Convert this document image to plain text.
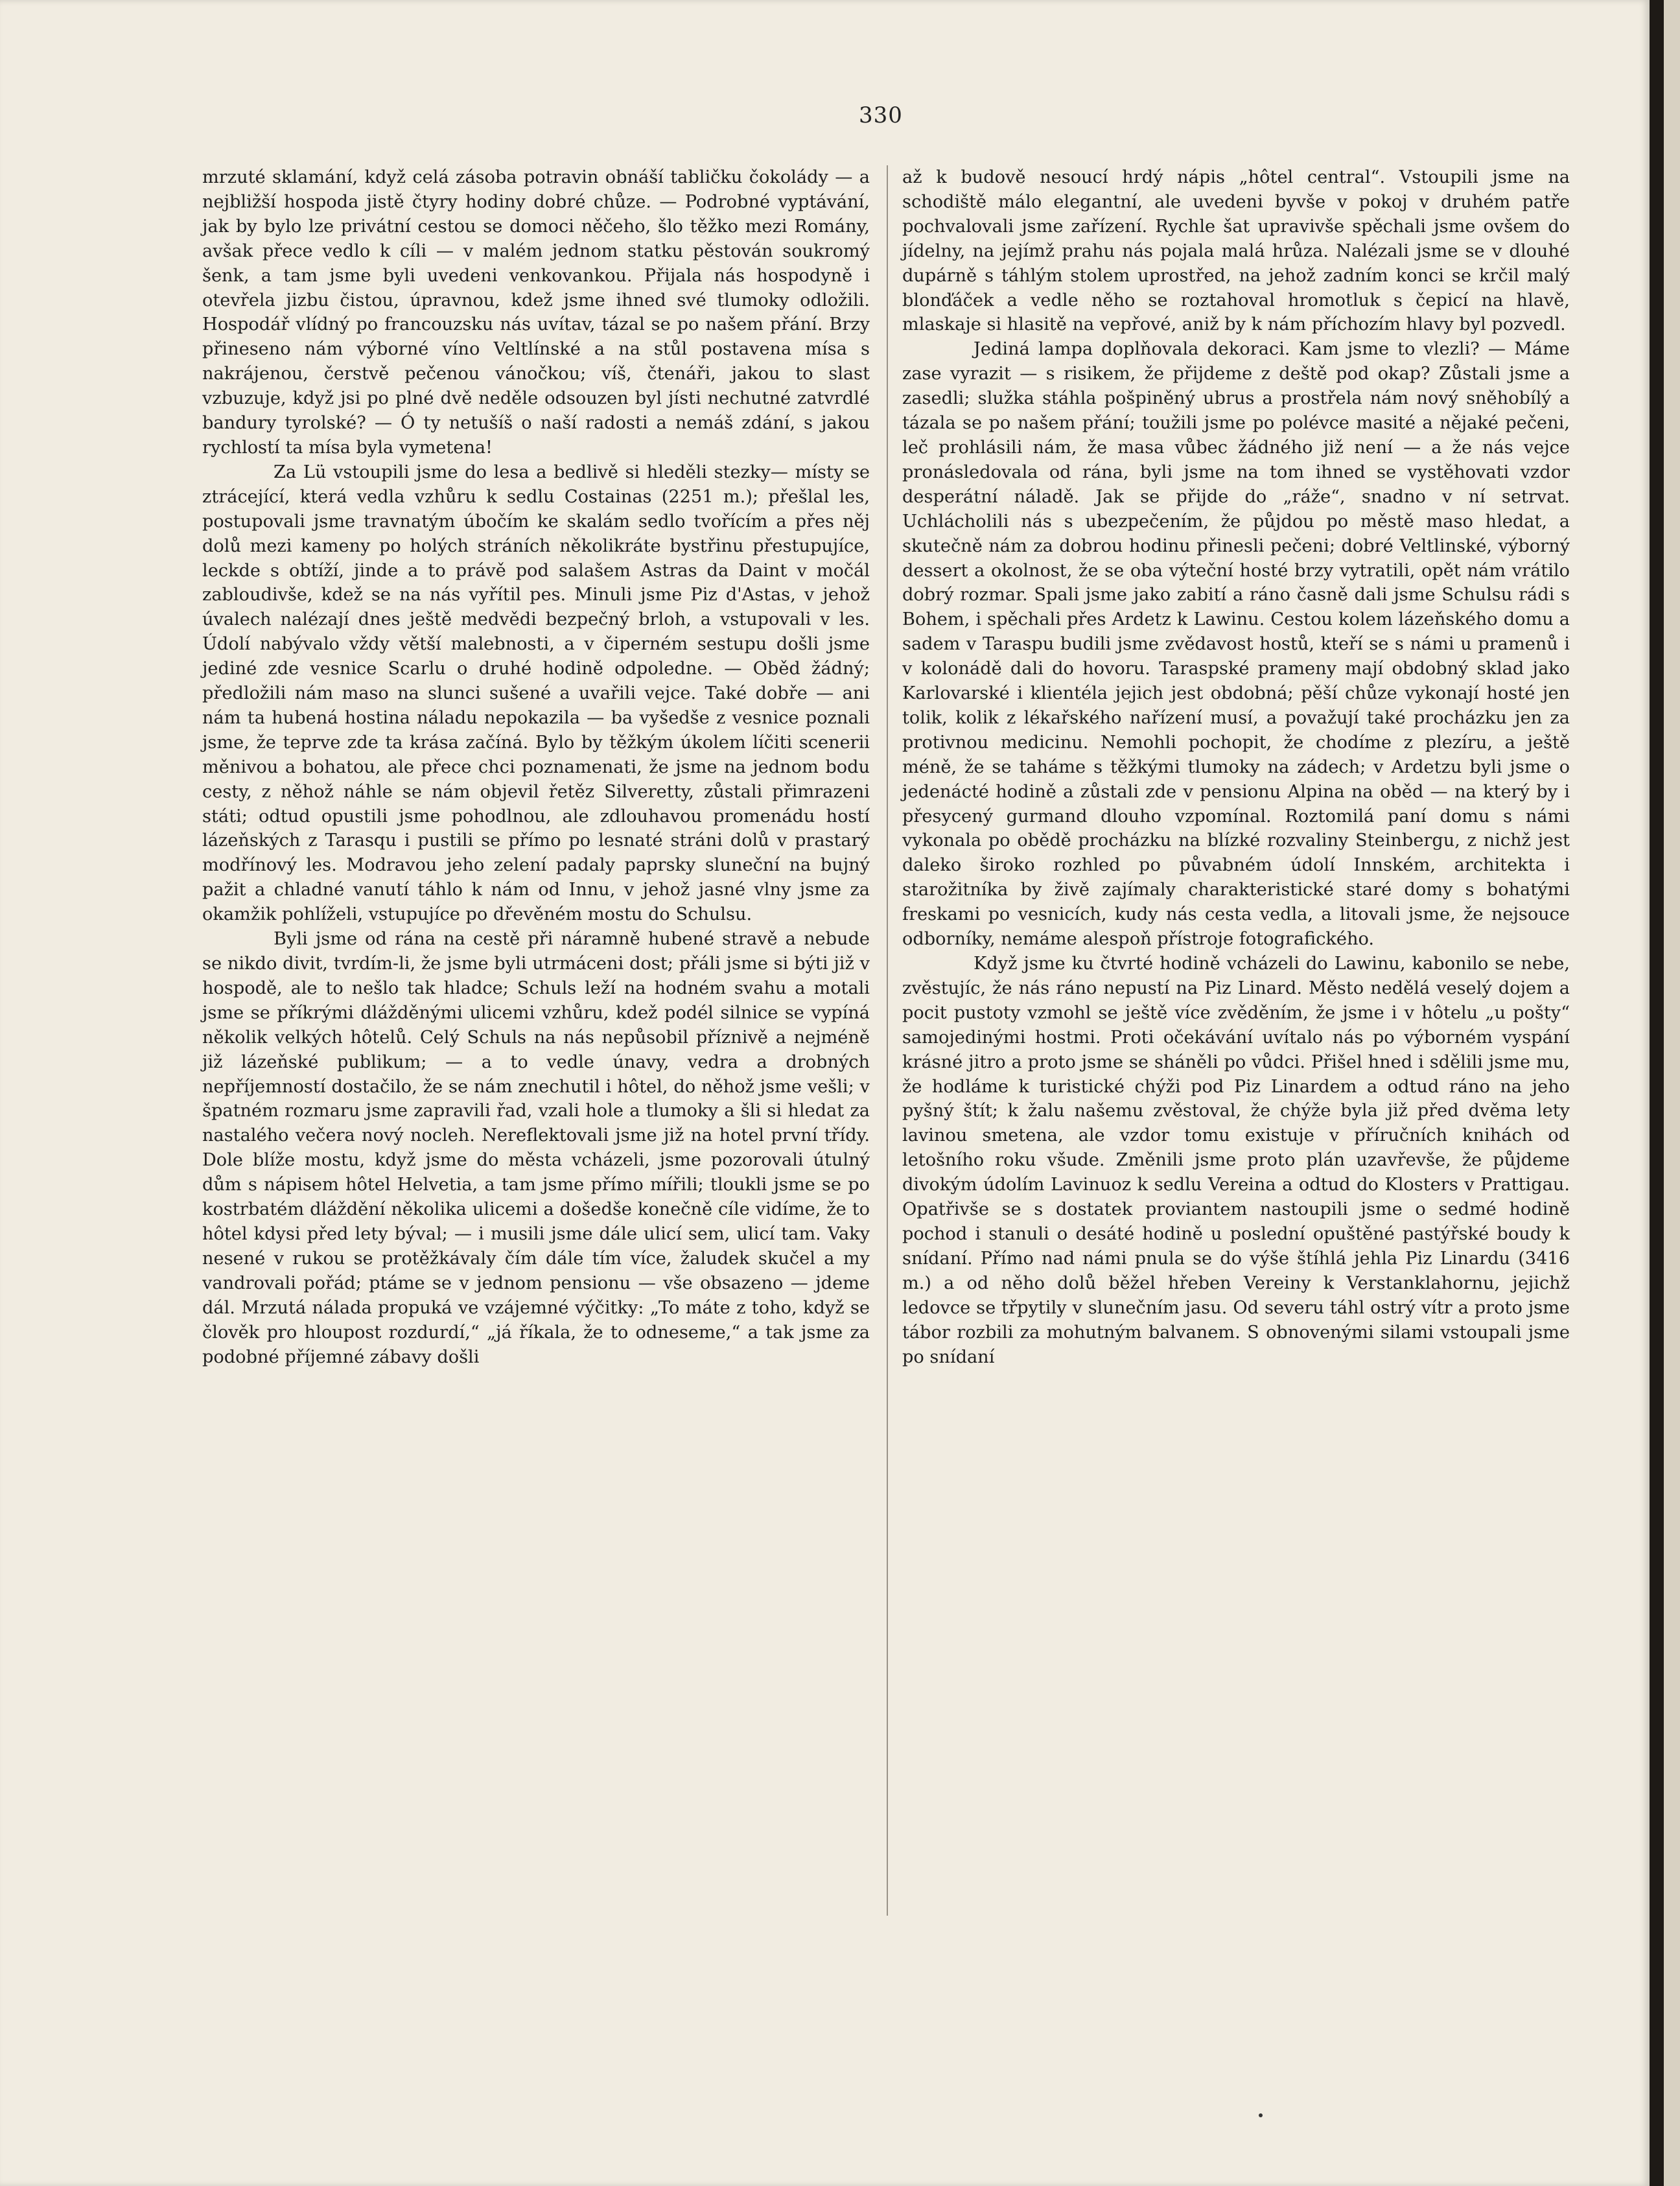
330

mrzuté sklamání, když celá zásoba potravin obnáší tabličku čokolády — a nejbližší hospoda jistě čtyry hodiny dobré chůze. — Podrobné vyptávání, jak by bylo lze privátní cestou se domoci něčeho, šlo těžko mezi Romány, avšak přece vedlo k cíli — v malém jednom statku pěstován soukromý šenk, a tam jsme byli uvedeni venkovankou. Přijala nás hospodyně i otevřela jizbu čistou, úpravnou, kdež jsme ihned své tlumoky odložili. Hospodář vlídný po francouzsku nás uvítav, tázal se po našem přání. Brzy přineseno nám výborné víno Veltlínské a na stůl postavena mísa s nakrájenou, čerstvě pečenou vánočkou; víš, čtenáři, jakou to slast vzbuzuje, když jsi po plné dvě neděle odsouzen byl jísti nechutné zatvrdlé bandury tyrolské? — Ó ty netušíš o naší radosti a nemáš zdání, s jakou rychlostí ta mísa byla vymetena!

Za Lü vstoupili jsme do lesa a bedlivě si hleděli stezky— místy se ztrácející, která vedla vzhůru k sedlu Costainas (2251 m.); přešlal les, postupovali jsme travnatým úbočím ke skalám sedlo tvořícím a přes něj dolů mezi kameny po holých stráních několikráte bystřinu přestupujíce, leckde s obtíží, jinde a to právě pod salašem Astras da Daint v močál zabloudivše, kdež se na nás vyřítil pes. Minuli jsme Piz d'Astas, v jehož úvalech nalézají dnes ještě medvědi bezpečný brloh, a vstupovali v les. Údolí nabývalo vždy větší malebnosti, a v čiperném sestupu došli jsme jediné zde vesnice Scarlu o druhé hodině odpoledne. — Oběd žádný; předložili nám maso na slunci sušené a uvařili vejce. Také dobře — ani nám ta hubená hostina náladu nepokazila — ba vyšedše z vesnice poznali jsme, že teprve zde ta krása začíná. Bylo by těžkým úkolem líčiti scenerii měnivou a bohatou, ale přece chci poznamenati, že jsme na jednom bodu cesty, z něhož náhle se nám objevil řetěz Silveretty, zůstali přimrazeni státi; odtud opustili jsme pohodlnou, ale zdlouhavou promenádu hostí lázeňských z Tarasqu i pustili se přímo po lesnaté stráni dolů v prastarý modřínový les. Modravou jeho zelení padaly paprsky sluneční na bujný pažit a chladné vanutí táhlo k nám od Innu, v jehož jasné vlny jsme za okamžik pohlíželi, vstupujíce po dřevěném mostu do Schulsu.

Byli jsme od rána na cestě při náramně hubené stravě a nebude se nikdo divit, tvrdím-li, že jsme byli utrmáceni dost; přáli jsme si býti již v hospodě, ale to nešlo tak hladce; Schuls leží na hodném svahu a motali jsme se příkrými dlážděnými ulicemi vzhůru, kdež podél silnice se vypíná několik velkých hôtelů. Celý Schuls na nás nepůsobil příznivě a nejméně již lázeňské publikum; — a to vedle únavy, vedra a drobných nepříjemností dostačilo, že se nám znechutil i hôtel, do něhož jsme vešli; v špatném rozmaru jsme zapravili řad, vzali hole a tlumoky a šli si hledat za nastalého večera nový nocleh. Nereflektovali jsme již na hotel první třídy. Dole blíže mostu, když jsme do města vcházeli, jsme pozorovali útulný dům s nápisem hôtel Helvetia, a tam jsme přímo mířili; tloukli jsme se po kostrbatém dláždění několika ulicemi a došedše konečně cíle vidíme, že to hôtel kdysi před lety býval; — i musili jsme dále ulicí sem, ulicí tam. Vaky nesené v rukou se protěžkávaly čím dále tím více, žaludek skučel a my vandrovali pořád; ptáme se v jednom pensionu — vše obsazeno — jdeme dál. Mrzutá nálada propuká ve vzájemné výčitky: „To máte z toho, když se člověk pro hloupost rozdurdí,“ „já říkala, že to odneseme,“ a tak jsme za podobné příjemné zábavy došli

až k budově nesoucí hrdý nápis „hôtel central“. Vstoupili jsme na schodiště málo elegantní, ale uvedeni byvše v pokoj v druhém patře pochvalovali jsme zařízení. Rychle šat upravivše spěchali jsme ovšem do jídelny, na jejímž prahu nás pojala malá hrůza. Nalézali jsme se v dlouhé dupárně s táhlým stolem uprostřed, na jehož zadním konci se krčil malý blonďáček a vedle něho se roztahoval hromotluk s čepicí na hlavě, mlaskaje si hlasitě na vepřové, aniž by k nám příchozím hlavy byl pozvedl.

Jediná lampa doplňovala dekoraci. Kam jsme to vlezli? — Máme zase vyrazit — s risikem, že přijdeme z deště pod okap? Zůstali jsme a zasedli; služka stáhla pošpiněný ubrus a prostřela nám nový sněhobílý a tázala se po našem přání; toužili jsme po polévce masité a nějaké pečeni, leč prohlásili nám, že masa vůbec žádného již není — a že nás vejce pronásledovala od rána, byli jsme na tom ihned se vystěhovati vzdor desperátní náladě. Jak se přijde do „ráže“, snadno v ní setrvat. Uchlácholili nás s ubezpečením, že půjdou po městě maso hledat, a skutečně nám za dobrou hodinu přinesli pečeni; dobré Veltlinské, výborný dessert a okolnost, že se oba výteční hosté brzy vytratili, opět nám vrátilo dobrý rozmar. Spali jsme jako zabití a ráno časně dali jsme Schulsu rádi s Bohem, i spěchali přes Ardetz k Lawinu. Cestou kolem lázeňského domu a sadem v Taraspu budili jsme zvědavost hostů, kteří se s námi u pramenů i v kolonádě dali do hovoru. Taraspské prameny mají obdobný sklad jako Karlovarské i klientéla jejich jest obdobná; pěší chůze vykonají hosté jen tolik, kolik z lékařského nařízení musí, a považují také procházku jen za protivnou medicinu. Nemohli pochopit, že chodíme z plezíru, a ještě méně, že se taháme s těžkými tlumoky na zádech; v Ardetzu byli jsme o jedenácté hodině a zůstali zde v pensionu Alpina na oběd — na který by i přesycený gurmand dlouho vzpomínal. Roztomilá paní domu s námi vykonala po obědě procházku na blízké rozvaliny Steinbergu, z nichž jest daleko široko rozhled po půvabném údolí Innském, architekta i starožitníka by živě zajímaly charakteristické staré domy s bohatými freskami po vesnicích, kudy nás cesta vedla, a litovali jsme, že nejsouce odborníky, nemáme alespoň přístroje fotografického.

Když jsme ku čtvrté hodině vcházeli do Lawinu, kabonilo se nebe, zvěstujíc, že nás ráno nepustí na Piz Linard. Město nedělá veselý dojem a pocit pustoty vzmohl se ještě více zvěděním, že jsme i v hôtelu „u pošty“ samojedinými hostmi. Proti očekávání uvítalo nás po výborném vyspání krásné jitro a proto jsme se sháněli po vůdci. Přišel hned i sdělili jsme mu, že hodláme k turistické chýži pod Piz Linardem a odtud ráno na jeho pyšný štít; k žalu našemu zvěstoval, že chýže byla již před dvěma lety lavinou smetena, ale vzdor tomu existuje v příručních knihách od letošního roku všude. Změnili jsme proto plán uzavřevše, že půjdeme divokým údolím Lavinuoz k sedlu Vereina a odtud do Klosters v Prattigau. Opatřivše se s dostatek proviantem nastoupili jsme o sedmé hodině pochod i stanuli o desáté hodině u poslední opuštěné pastýřské boudy k snídaní. Přímo nad námi pnula se do výše štíhlá jehla Piz Linardu (3416 m.) a od něho dolů běžel hřeben Vereiny k Verstanklahornu, jejichž ledovce se třpytily v slunečním jasu. Od severu táhl ostrý vítr a proto jsme tábor rozbili za mohutným balvanem. S obnovenými silami vstoupali jsme po snídaní
